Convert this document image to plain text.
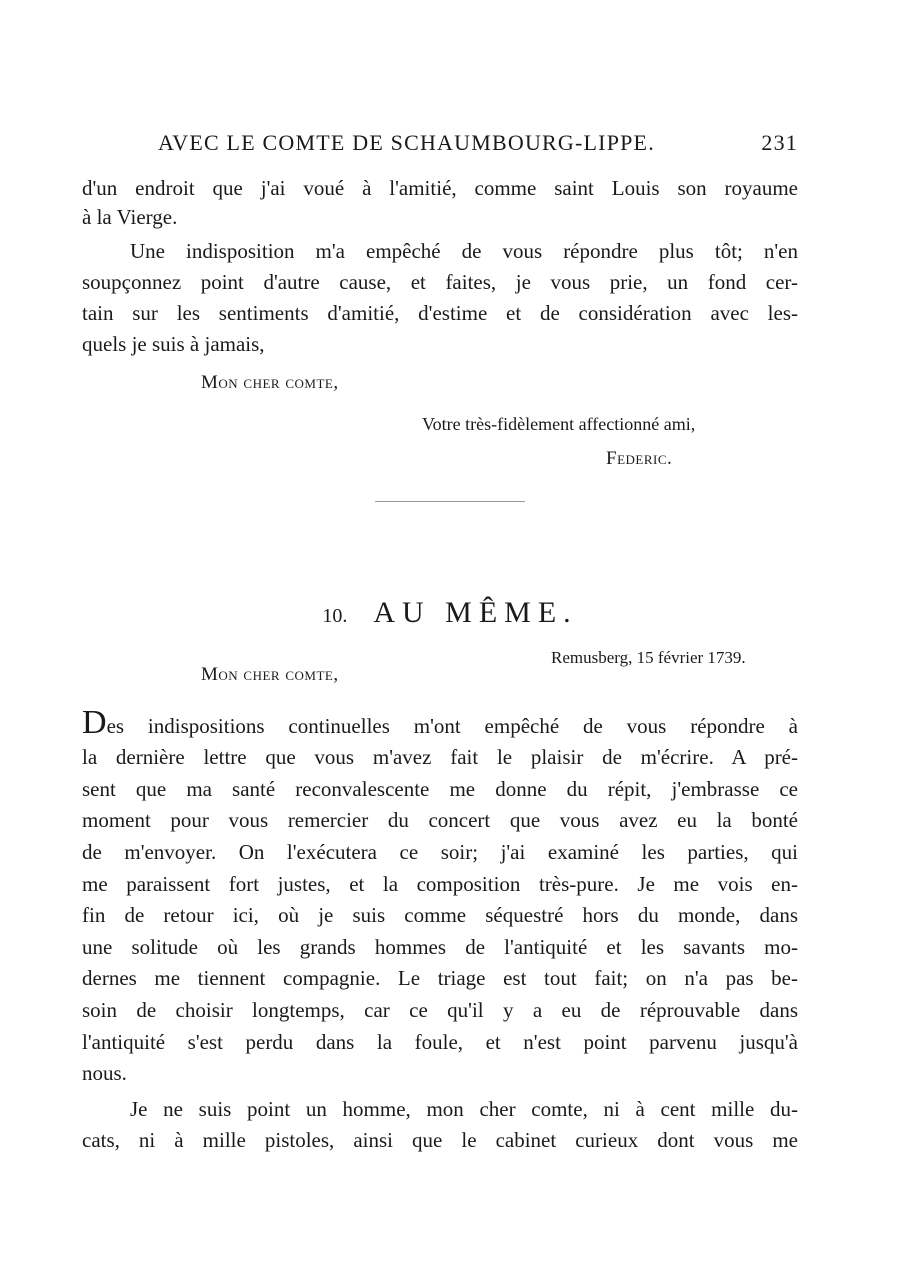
AVEC LE COMTE DE SCHAUMBOURG-LIPPE.	231
d'un endroit que j'ai voué à l'amitié, comme saint Louis son royaume
à la Vierge.
Une indisposition m'a empêché de vous répondre plus tôt; n'en
soupçonnez point d'autre cause, et faites, je vous prie, un fond cer-
tain sur les sentiments d'amitié, d'estime et de considération avec les-
quels je suis à jamais,
Mon cher comte,
Votre très-fidèlement affectionné ami,
Federic.
10. AU MÊME.
Remusberg, 15 février 1739.
Mon cher comte,
D es indispositions continuelles m'ont empêché de vous répondre à
la dernière lettre que vous m'avez fait le plaisir de m'écrire. A pré-
sent que ma santé reconvalescente me donne du répit, j'embrasse ce
moment pour vous remercier du concert que vous avez eu la bonté
de m'envoyer. On l'exécutera ce soir; j'ai examiné les parties, qui
me paraissent fort justes, et la composition très-pure. Je me vois en-
fin de retour ici, où je suis comme séquestré hors du monde, dans
une solitude où les grands hommes de l'antiquité et les savants mo-
dernes me tiennent compagnie. Le triage est tout fait; on n'a pas be-
soin de choisir longtemps, car ce qu'il y a eu de réprouvable dans
l'antiquité s'est perdu dans la foule, et n'est point parvenu jusqu'à
nous.
Je ne suis point un homme, mon cher comte, ni à cent mille du-
cats, ni à mille pistoles, ainsi que le cabinet curieux dont vous me
